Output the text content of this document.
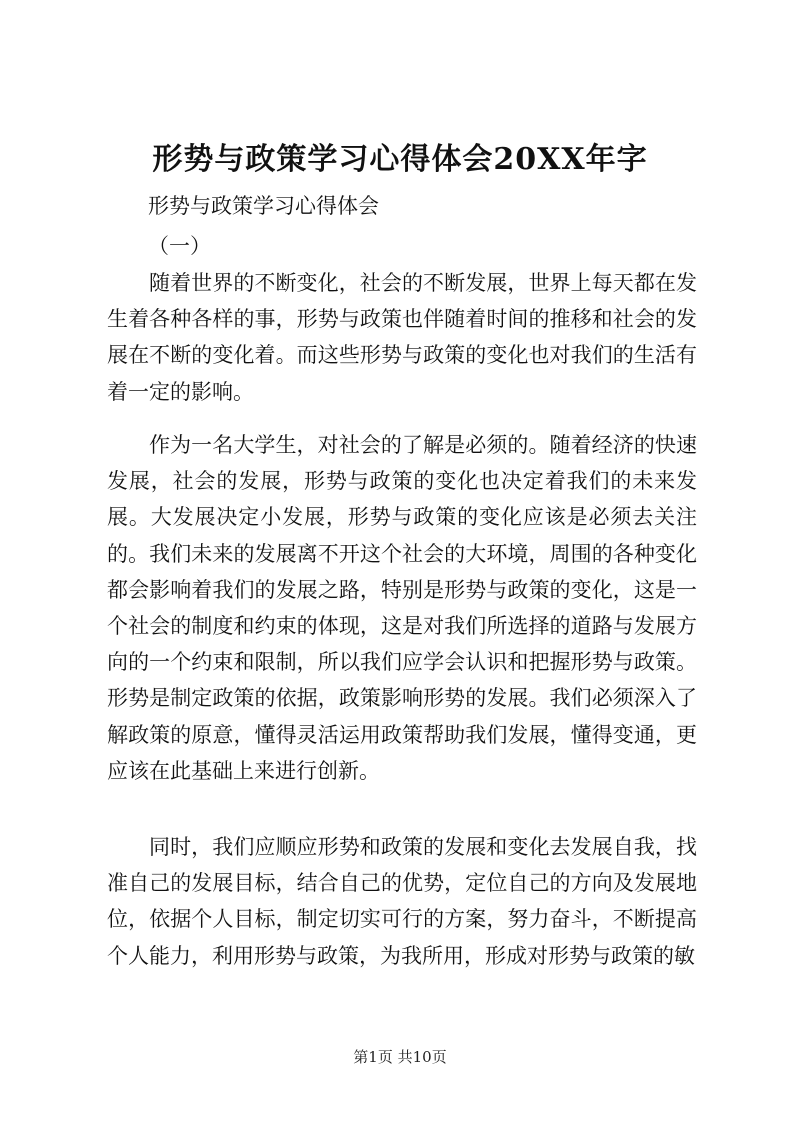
形势与政策学习心得体会20XX年字
形势与政策学习心得体会
（一）

随着世界的不断变化，社会的不断发展，世界上每天都在发生着各种各样的事，形势与政策也伴随着时间的推移和社会的发展在不断的变化着。而这些形势与政策的变化也对我们的生活有着一定的影响。

作为一名大学生，对社会的了解是必须的。随着经济的快速发展，社会的发展，形势与政策的变化也决定着我们的未来发展。大发展决定小发展，形势与政策的变化应该是必须去关注的。我们未来的发展离不开这个社会的大环境，周围的各种变化都会影响着我们的发展之路，特别是形势与政策的变化，这是一个社会的制度和约束的体现，这是对我们所选择的道路与发展方向的一个约束和限制，所以我们应学会认识和把握形势与政策。形势是制定政策的依据，政策影响形势的发展。我们必须深入了解政策的原意，懂得灵活运用政策帮助我们发展，懂得变通，更应该在此基础上来进行创新。

同时，我们应顺应形势和政策的发展和变化去发展自我，找准自己的发展目标，结合自己的优势，定位自己的方向及发展地位，依据个人目标，制定切实可行的方案，努力奋斗，不断提高个人能力，利用形势与政策，为我所用，形成对形势与政策的敏

第1页 共10页
